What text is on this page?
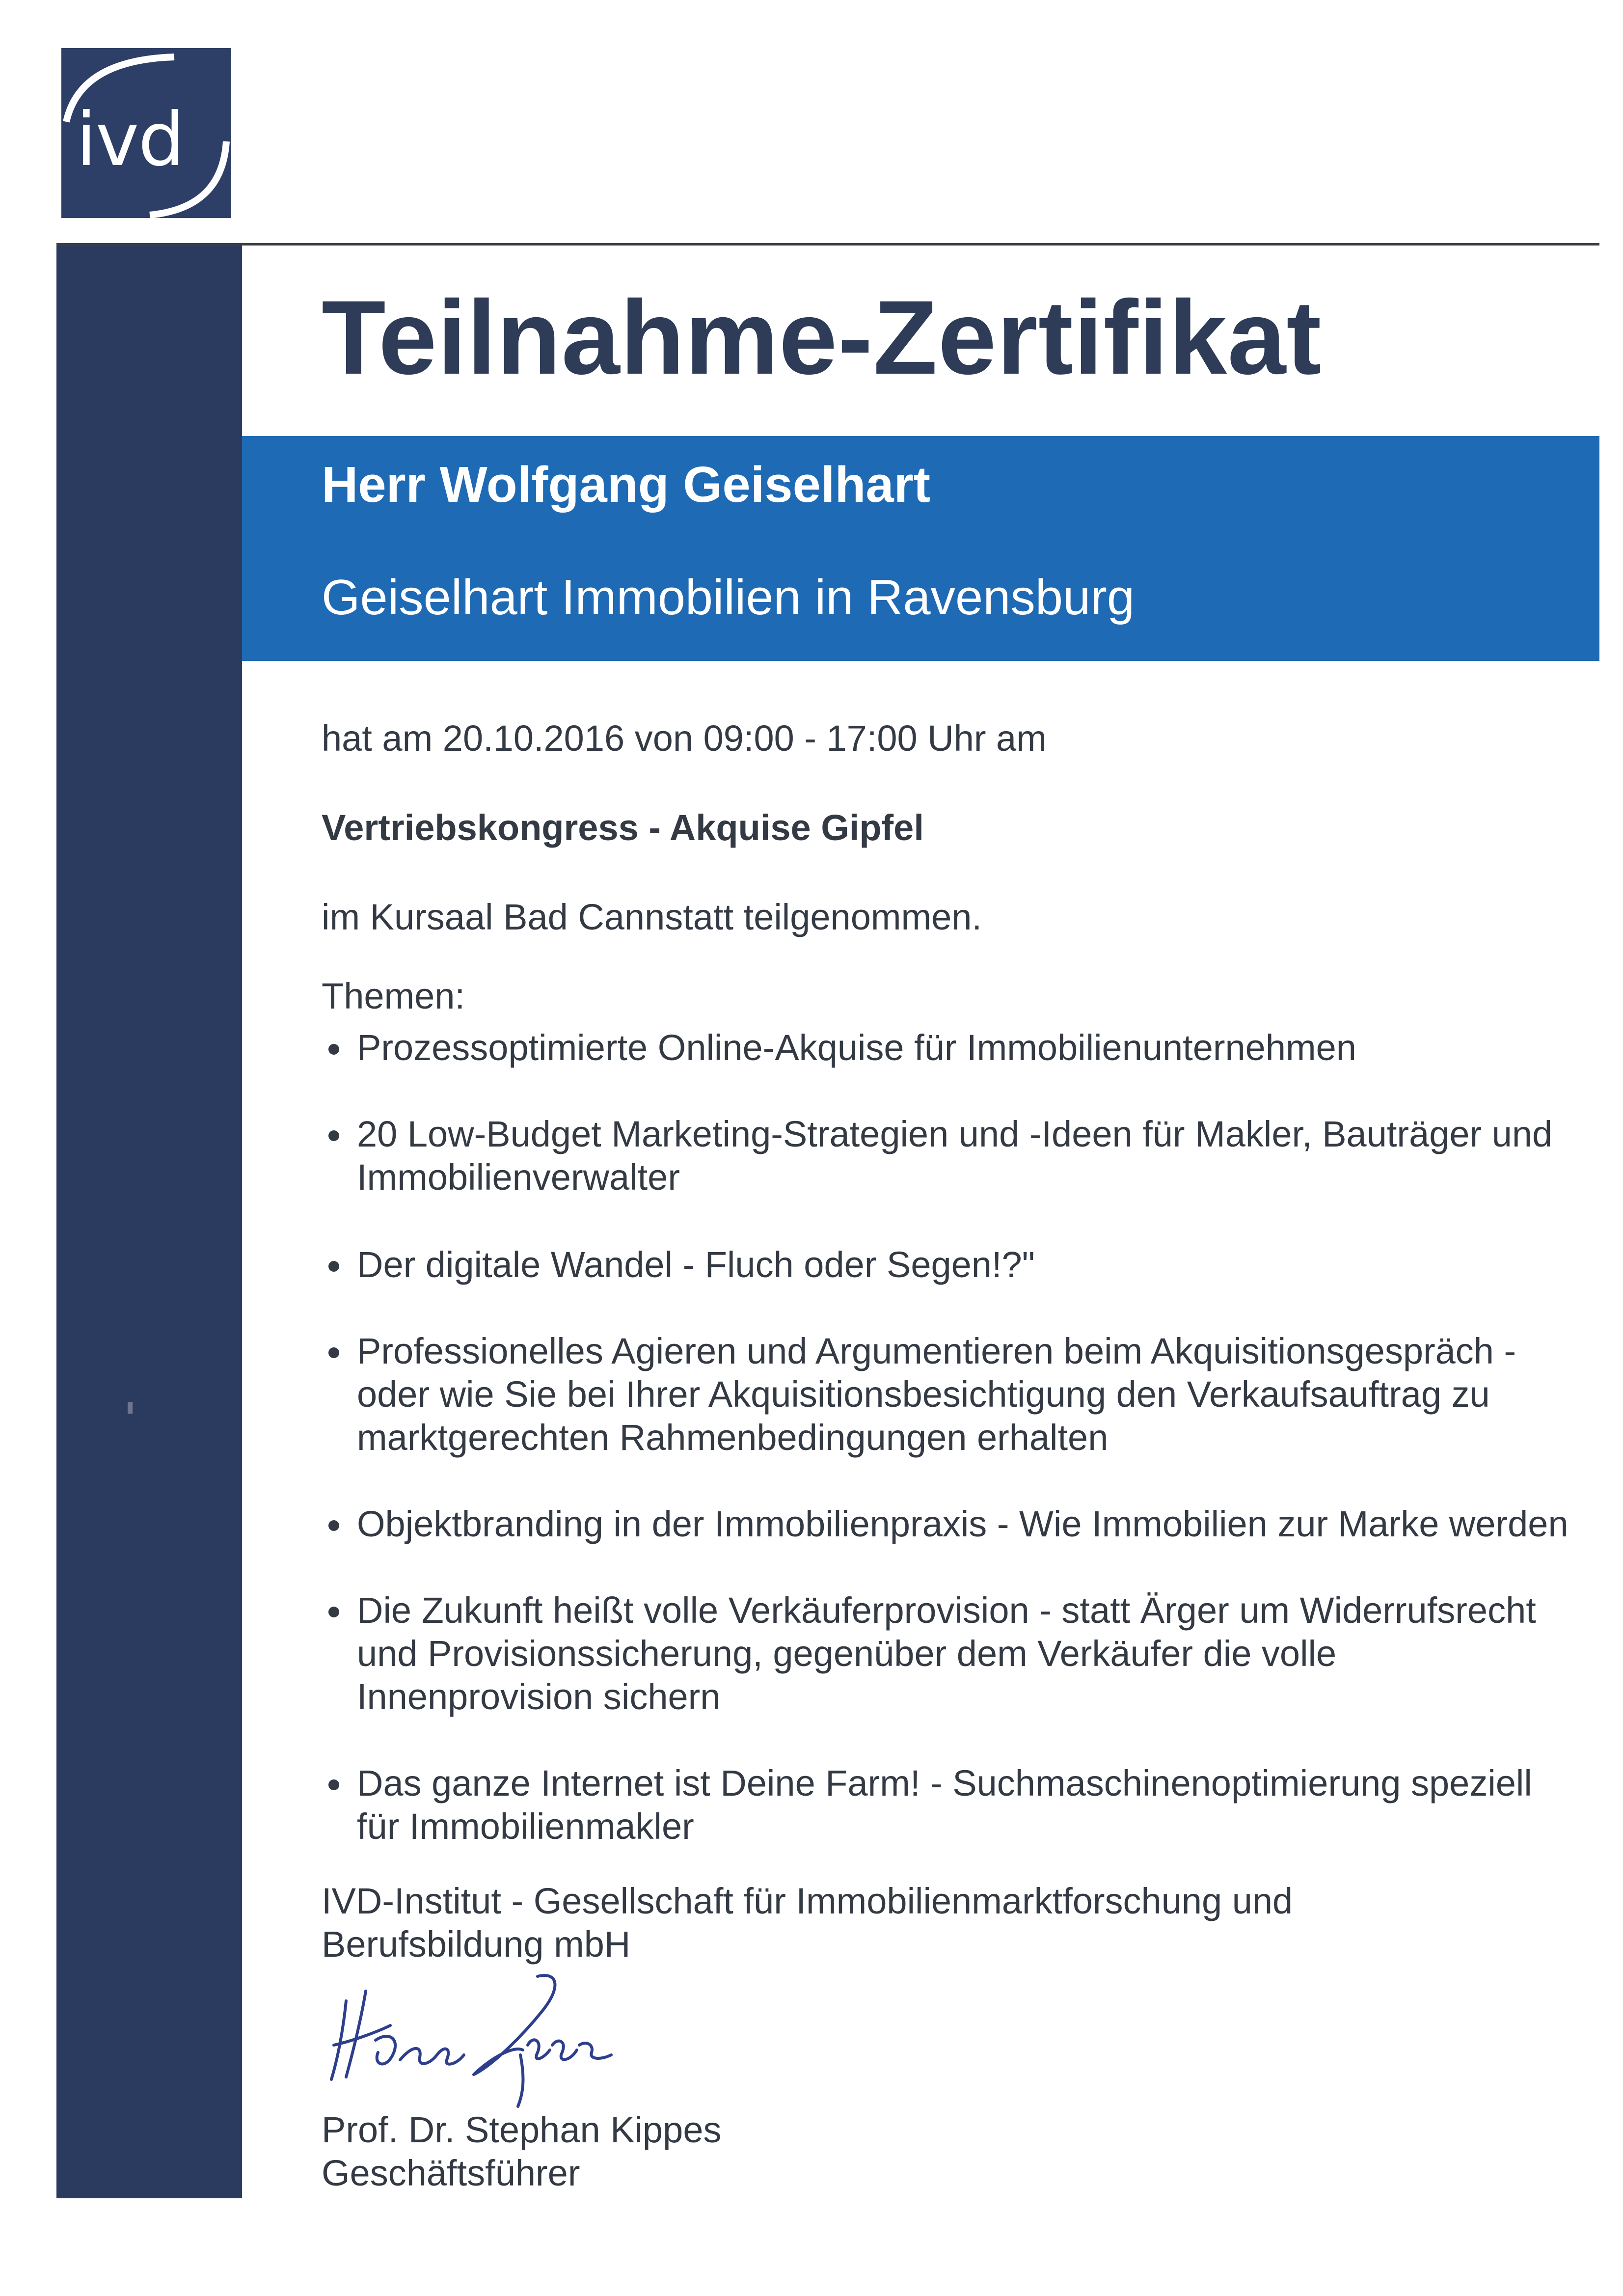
ivd
Teilnahme-Zertifikat
Herr Wolfgang Geiselhart
Geiselhart Immobilien in Ravensburg
hat am 20.10.2016 von 09:00 - 17:00 Uhr am
Vertriebskongress - Akquise Gipfel
im Kursaal Bad Cannstatt teilgenommen.
Themen:
Prozessoptimierte Online-Akquise für Immobilienunternehmen
20 Low-Budget Marketing-Strategien und -Ideen für Makler, Bauträger und
Immobilienverwalter
Der digitale Wandel - Fluch oder Segen!?"
Professionelles Agieren und Argumentieren beim Akquisitionsgespräch -
oder wie Sie bei Ihrer Akquisitionsbesichtigung den Verkaufsauftrag zu
marktgerechten Rahmenbedingungen erhalten
Objektbranding in der Immobilienpraxis - Wie Immobilien zur Marke werden
Die Zukunft heißt volle Verkäuferprovision - statt Ärger um Widerrufsrecht
und Provisionssicherung, gegenüber dem Verkäufer die volle
Innenprovision sichern
Das ganze Internet ist Deine Farm! - Suchmaschinenoptimierung speziell
für Immobilienmakler
IVD-Institut - Gesellschaft für Immobilienmarktforschung und
Berufsbildung mbH
Prof. Dr. Stephan Kippes
Geschäftsführer
